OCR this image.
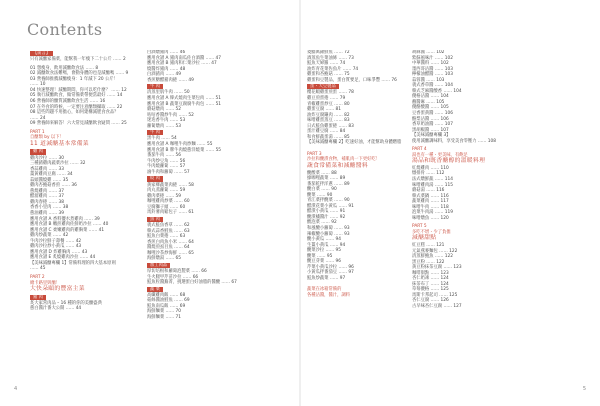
Contents
【前言】
只有減醣家備菜，能幫我一年瘦下二十公斤 …… 2
01 想瘦身，飲用減醣飲食法 …… 8
02 減醣飲食法難嗎，會動身體的也是減醣嗎 …… 9
03 營養師推薦減醣瘦身：1 年減下 20 公斤！
…… 10
04 快速整理！減醣期間，你可以吃什麼？ …… 12
05 執行減醣飲食，做常備菜帶便當最好 …… 14
06 營養師的醣質減醣飲食生活 …… 16
07 在外食的時候，一定要注意醣類攝取 …… 22
08 這些問題不用擔心，如何建構減肥食食品？
…… 24
09 營養師來解答！六大常見減醣飲食疑問 …… 25
PART 1
自醣類 by 以下！
11 道減醣基本常備菜
雞 肉
雞肉沙拉 …… 30
三種豬雞肉蔬菜沙拉 …… 32
香蒜雞肉 …… 33
薑黃雞肉豆腐 …… 34
蒜頭醬燒雞 …… 35
雞肉杏鮑菇香煎 …… 36
蔥燒雞肉 …… 37
醋溜雞肉 …… 37
雞肉春捲 …… 38
香香小里肉 …… 38
蔥油雞肉 …… 39
應用食譜 A 香料鹽水煮雞肉 …… 39
應用食譜 B 嫩煎雞肉佐鮮奶沙拉 …… 40
應用食譜 C 柔嫩雞肉的雞胸菜 …… 41
雞肉炒蔬菜 …… 42
牛肉沙拉鮮子壽餐 …… 42
雞肉沙拉炒小黃瓜 …… 43
應用食譜 D 炸雞胸肉 …… 43
應用食譜 E 炙燒雞肉沙拉 …… 44
【美味減醣專欄 1】常備料理的四大基本原則
…… 45
PART 2
總卡路里與醣！
大快朵頤的豐富主菜
豬 肉
炙大家常肉品 – 16 種的你的美醣盛典
蔥白醬汁番大公開 …… 44
白酒燉豬肉 …… 46
應用食譜 A 豬肉南瓜佐白酒醬 …… 47
應用食譜 B 豬肉和仁菜沙拉 …… 47
燒醬炸豬肉 …… 48
白酒豬肉 …… 49
香煎糖醋豬肉捲 …… 49
牛 肉
清蒸里肌牛肉 …… 50
應用食譜 A 韓式燒肉生菜包肉 …… 51
應用食譜 B 蔬菜豆腐腐牛肉包 …… 51
蘑菇燉肉 …… 52
咕咕香醬炒牛肉 …… 52
迷迭香牛肉 …… 53
蘿蔔燉肉 …… 53
牛 肉
黑牛肉 …… 54
應用食譜 A 咖哩牛肉炒麵 …… 55
應用食譜 B 牌牛肉燒蔥洋燒菜 …… 55
番茄牛肉 …… 56
牛肉炒豆角 …… 56
牛肉燒蘿蔔 …… 57
滷牛肉和蘿蔔 …… 57
絞 肉
黃家鄉蔬菜肉捲 …… 58
肉丸蒸蘿蔔 …… 59
雞肉菜捲 …… 59
咖哩雞肉炒菜 …… 60
豆腐獅子頭 …… 60
馬鈴薯肉鬆包子 …… 61
魚 肉
義式鮭魚香草 …… 62
韓式蒜香鱈魚 …… 63
鮭魚白菜捲 …… 63
香煎白肉魚小米 …… 64
醬燒煎虱目魚 …… 64
咖哩沙茶炒海鮮 …… 65
海鮮燉湯 …… 65
加工肉品
厚切培根和蘿蔔泡製菜 …… 66
生火腿甲芹苗沙拉 …… 66
鮭魚粒醬蕪菁，挑選蛋白好油脂的醬醃 …… 67
蔬 菜
高纖雞肉飯 …… 68
菇絲醬油鱈魚 …… 69
鮭魚南瓜飯 …… 69
海鮮麵菜 …… 70
海鮮麵菜 …… 71
菱鰭萬錦鮮魚 …… 72
酒蒸魚生菜油條 …… 73
鮭魚天婦羅 …… 74
油炸青花菜佐魚片 …… 74
雞蛋和杏鮑菇 …… 75
雞蛋和豆製品，蛋白質要足，口味爭豐 …… 76
蛋・大豆製品
櫻花蝦雞蛋煎蛋 …… 78
雞豆煎蛋捲 …… 79
青椒雞蛋炒豆 …… 80
雞蛋豆腐 …… 81
油炸豆腐鑲肉 …… 82
味噌雞蛋蒸豆 …… 83
日式鮭魚雞蛋捲 …… 83
蛋汁雞豆腐 …… 84
和食鮮蔬蛋湯 …… 85
【美味減醣專欄 2】吃速好油，才能幫助身體燃脂
PART 3
沙拉和醃漬食物，補肌肉一下更好吃！
蔬食常備菜和減醣醬料
醃酸菜 …… 88
綠咖哩蔬菜 …… 89
番茄乾拌洋蔥 …… 89
醃白菜 …… 90
醃菜 …… 90
青江菜拌醃菜 …… 90
醋漬花菜小黃瓜 …… 91
醋漬小黃瓜 …… 91
醃漬橘醬汁 …… 92
酸泡菜 …… 92
和風醃小蘿蔔 …… 93
辣椒醃小蘿蔔 …… 93
醃小黃瓜 …… 94
生薑小黃瓜 …… 94
醃菜沙拉 …… 95
醃菜 …… 95
醃豆芽菜 …… 96
芹菜小黃瓜沙拉 …… 96
小黃瓜拌番茄豆 …… 97
鮭魚炒蔬菜 …… 97
蔬菜在冰箱常備的
各種沾醬，醬汁，調料
胡麻醬 …… 102
紫蘇風味汁 …… 102
中華醬料 …… 102
墨西哥沾醬 …… 103
檸檬油醋醬 …… 103
蒜蓉醬 …… 103
義式香草醬 …… 104
韓式芝麻醬酸香 …… 104
優格沾醬 …… 104
蘸醬麻 …… 105
優酪酸醬 …… 105
豆香蛋黃醬 …… 106
酪梨沾醬 …… 106
香草奶油醬 …… 107
黑胡椒醬 …… 107
【美味減醣專欄 3】
使用減醣調味料，享受美食零壓力 …… 108
PART 4
湯也有一種・更美味、有飽足
湯品和既香醣醇的溫暖料理
紅燒雞肉 …… 110
燉排骨 …… 112
法式燉鮮蔬 …… 114
味噌雞肉湯 …… 115
蘑菇湯 …… 116
韓式菜鍋 …… 116
蔬菜雞肉 …… 117
味噌牛肉 …… 118
泡菜牛肉湯 …… 119
味噌燉魚 …… 120
PART 5
多吃不增・少了負擔
減醣甜點
紅豆糕 …… 121
元氣燕麥麵包 …… 122
清蒸鮮鮑魚 …… 122
黑豆粉 …… 122
黃豆粉抹茶豆腐 …… 123
咖啡甜點 …… 123
杏仁奶凍 …… 124
抹茶布丁 …… 124
草莓優格 …… 125
馬斯卡邦起司 …… 125
杏仁豆腐 …… 126
古早味杏仁豆腐 …… 127
4	5
